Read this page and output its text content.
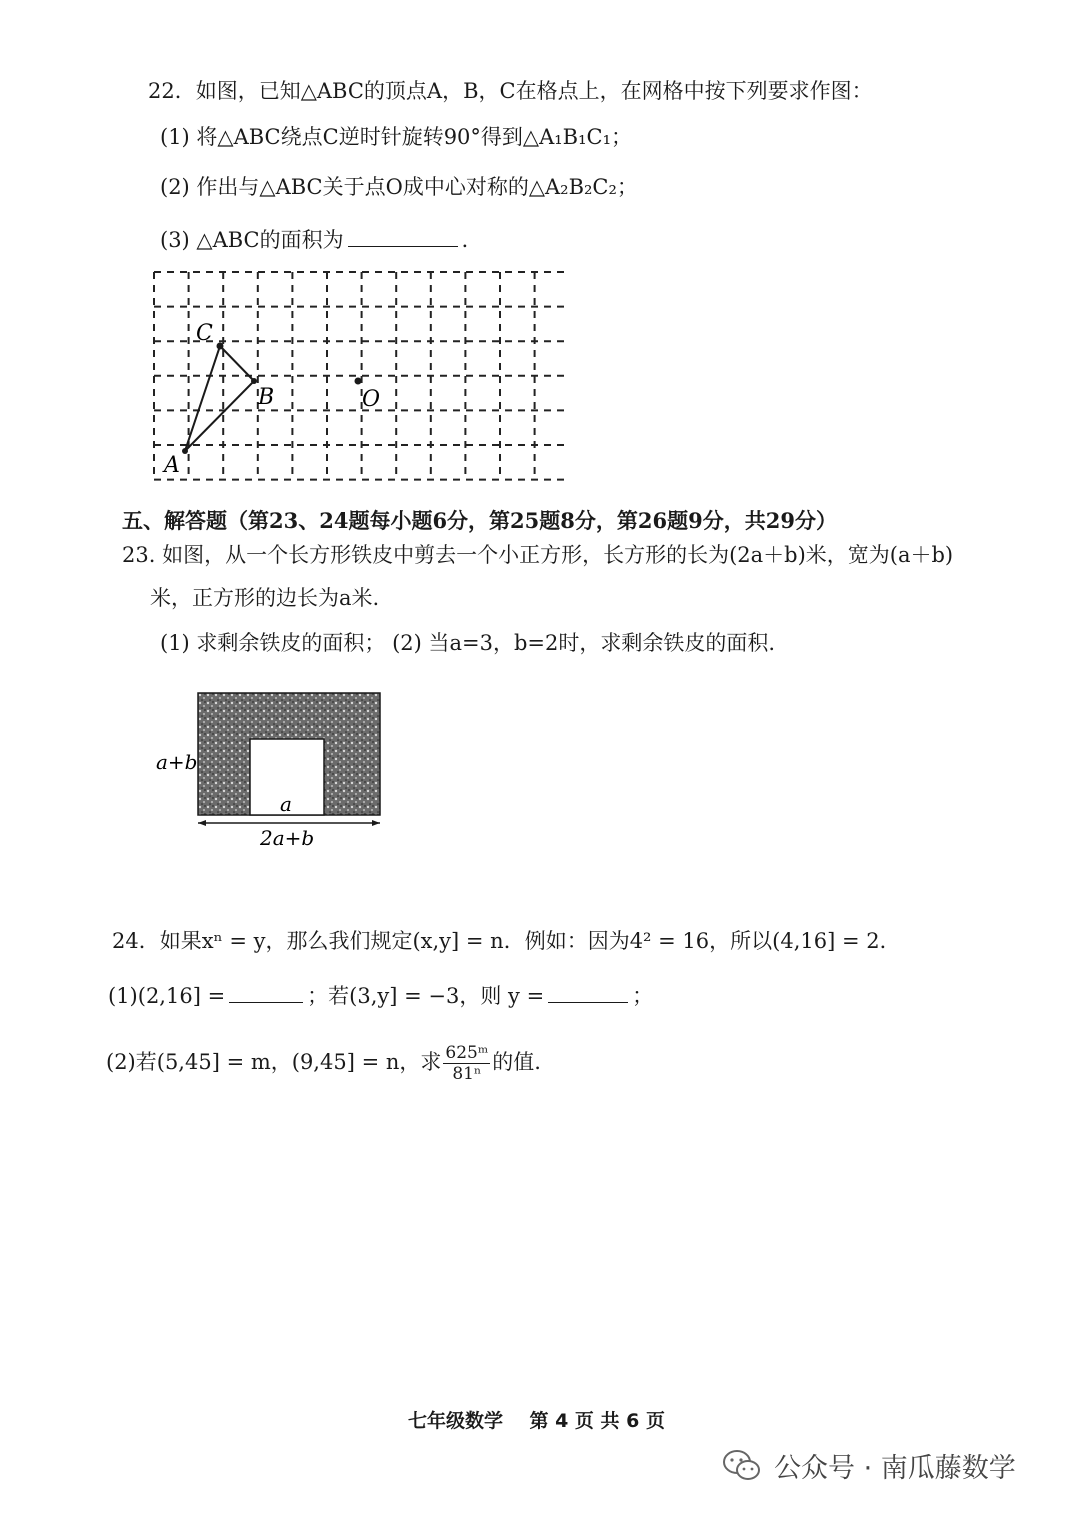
22．如图，已知△ABC的顶点A，B，C在格点上，在网格中按下列要求作图：
(1) 将△ABC绕点C逆时针旋转90°得到△A₁B₁C₁；
(2) 作出与△ABC关于点O成中心对称的△A₂B₂C₂；
(3) △ABC的面积为	．
C
B	O
A
五、解答题（第23、24题每小题6分，第25题8分，第26题9分，共29分）
23. 如图，从一个长方形铁皮中剪去一个小正方形，长方形的长为(2a＋b)米，宽为(a＋b)
米，正方形的边长为a米.
(1) 求剩余铁皮的面积； (2) 当a=3，b=2时，求剩余铁皮的面积.
a
a+b
2a+b
24．如果xⁿ = y，那么我们规定(x,y] = n．例如：因为4² = 16，所以(4,16] = 2．
(1)(2,16] =	；若(3,y] = −3，则 y =	；
(2)若(5,45] = m，(9,45] = n，求 $\frac{\text{625ᵐ}}{\text{81ⁿ}}$ 的值.
七年级数学    第 4 页 共 6 页
公众号 · 南瓜藤数学
